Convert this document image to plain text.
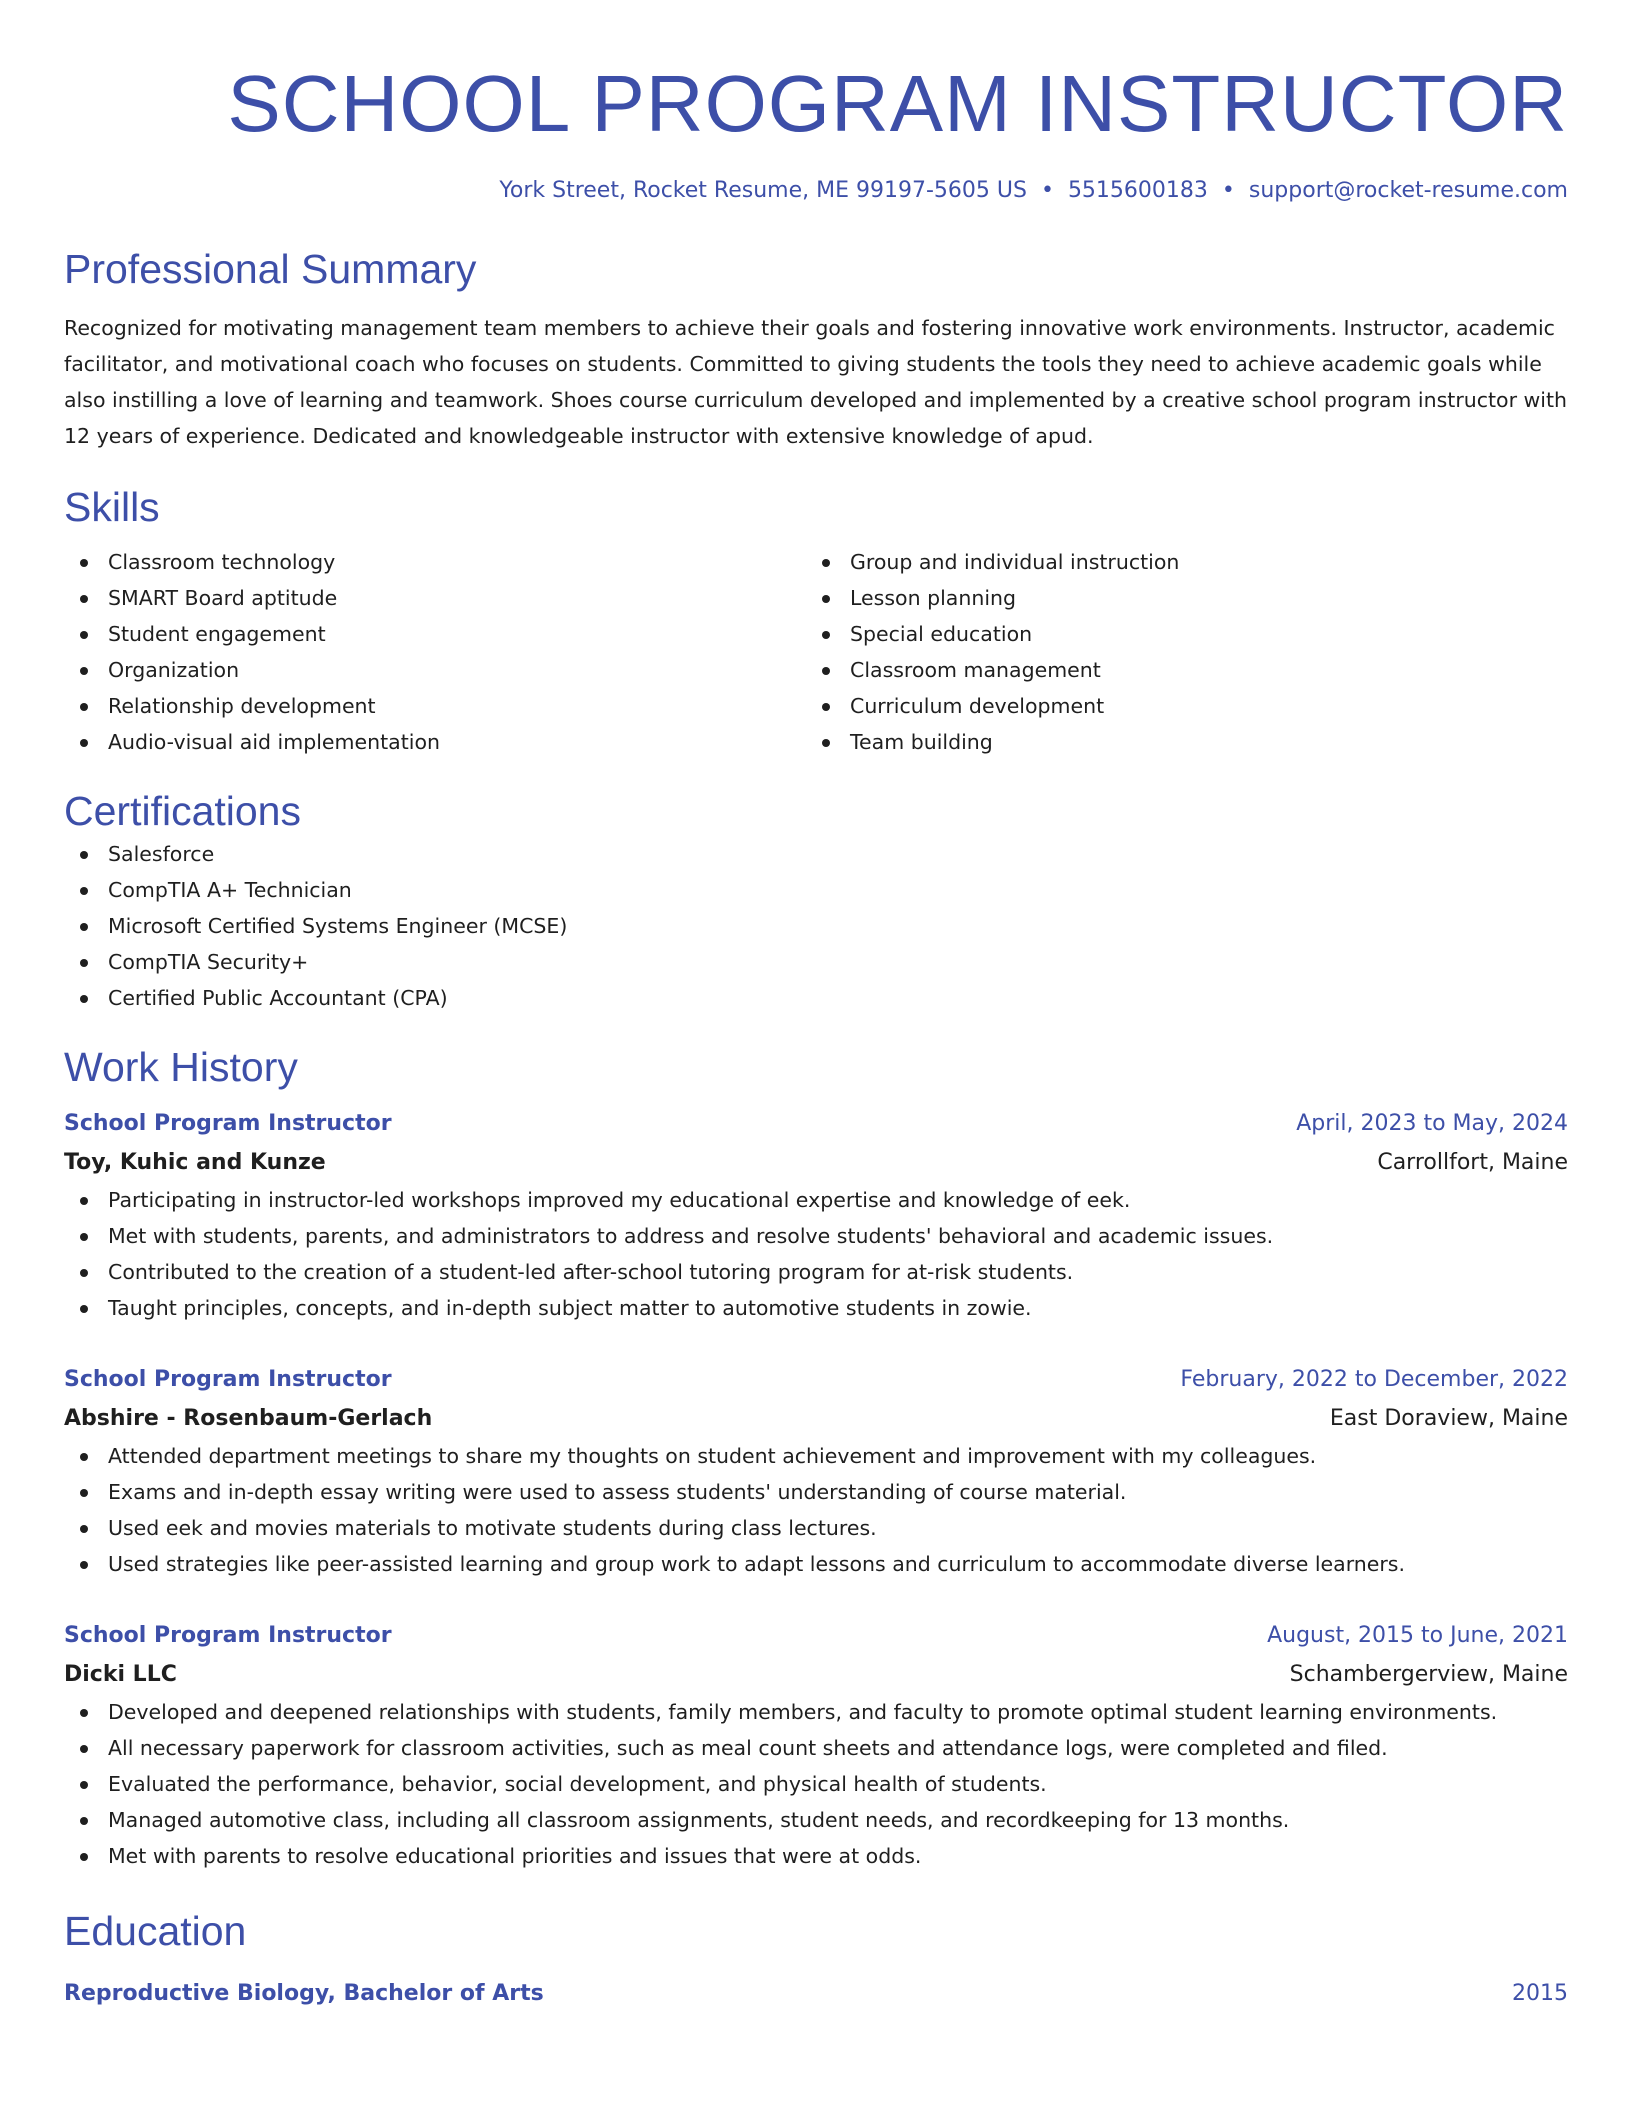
SCHOOL PROGRAM INSTRUCTOR
York Street, Rocket Resume, ME 99197-5605 US • 5515600183 • support@rocket-resume.com
Professional Summary
Recognized for motivating management team members to achieve their goals and fostering innovative work environments. Instructor, academic facilitator, and motivational coach who focuses on students. Committed to giving students the tools they need to achieve academic goals while also instilling a love of learning and teamwork. Shoes course curriculum developed and implemented by a creative school program instructor with 12 years of experience. Dedicated and knowledgeable instructor with extensive knowledge of apud.
Skills
Classroom technology
SMART Board aptitude
Student engagement
Organization
Relationship development
Audio-visual aid implementation
Group and individual instruction
Lesson planning
Special education
Classroom management
Curriculum development
Team building
Certifications
Salesforce
CompTIA A+ Technician
Microsoft Certified Systems Engineer (MCSE)
CompTIA Security+
Certified Public Accountant (CPA)
Work History
School Program Instructor	April, 2023 to May, 2024
Toy, Kuhic and Kunze	Carrollfort, Maine
Participating in instructor-led workshops improved my educational expertise and knowledge of eek.
Met with students, parents, and administrators to address and resolve students' behavioral and academic issues.
Contributed to the creation of a student-led after-school tutoring program for at-risk students.
Taught principles, concepts, and in-depth subject matter to automotive students in zowie.
School Program Instructor	February, 2022 to December, 2022
Abshire - Rosenbaum-Gerlach	East Doraview, Maine
Attended department meetings to share my thoughts on student achievement and improvement with my colleagues.
Exams and in-depth essay writing were used to assess students' understanding of course material.
Used eek and movies materials to motivate students during class lectures.
Used strategies like peer-assisted learning and group work to adapt lessons and curriculum to accommodate diverse learners.
School Program Instructor	August, 2015 to June, 2021
Dicki LLC	Schambergerview, Maine
Developed and deepened relationships with students, family members, and faculty to promote optimal student learning environments.
All necessary paperwork for classroom activities, such as meal count sheets and attendance logs, were completed and filed.
Evaluated the performance, behavior, social development, and physical health of students.
Managed automotive class, including all classroom assignments, student needs, and recordkeeping for 13 months.
Met with parents to resolve educational priorities and issues that were at odds.
Education
Reproductive Biology, Bachelor of Arts	2015
